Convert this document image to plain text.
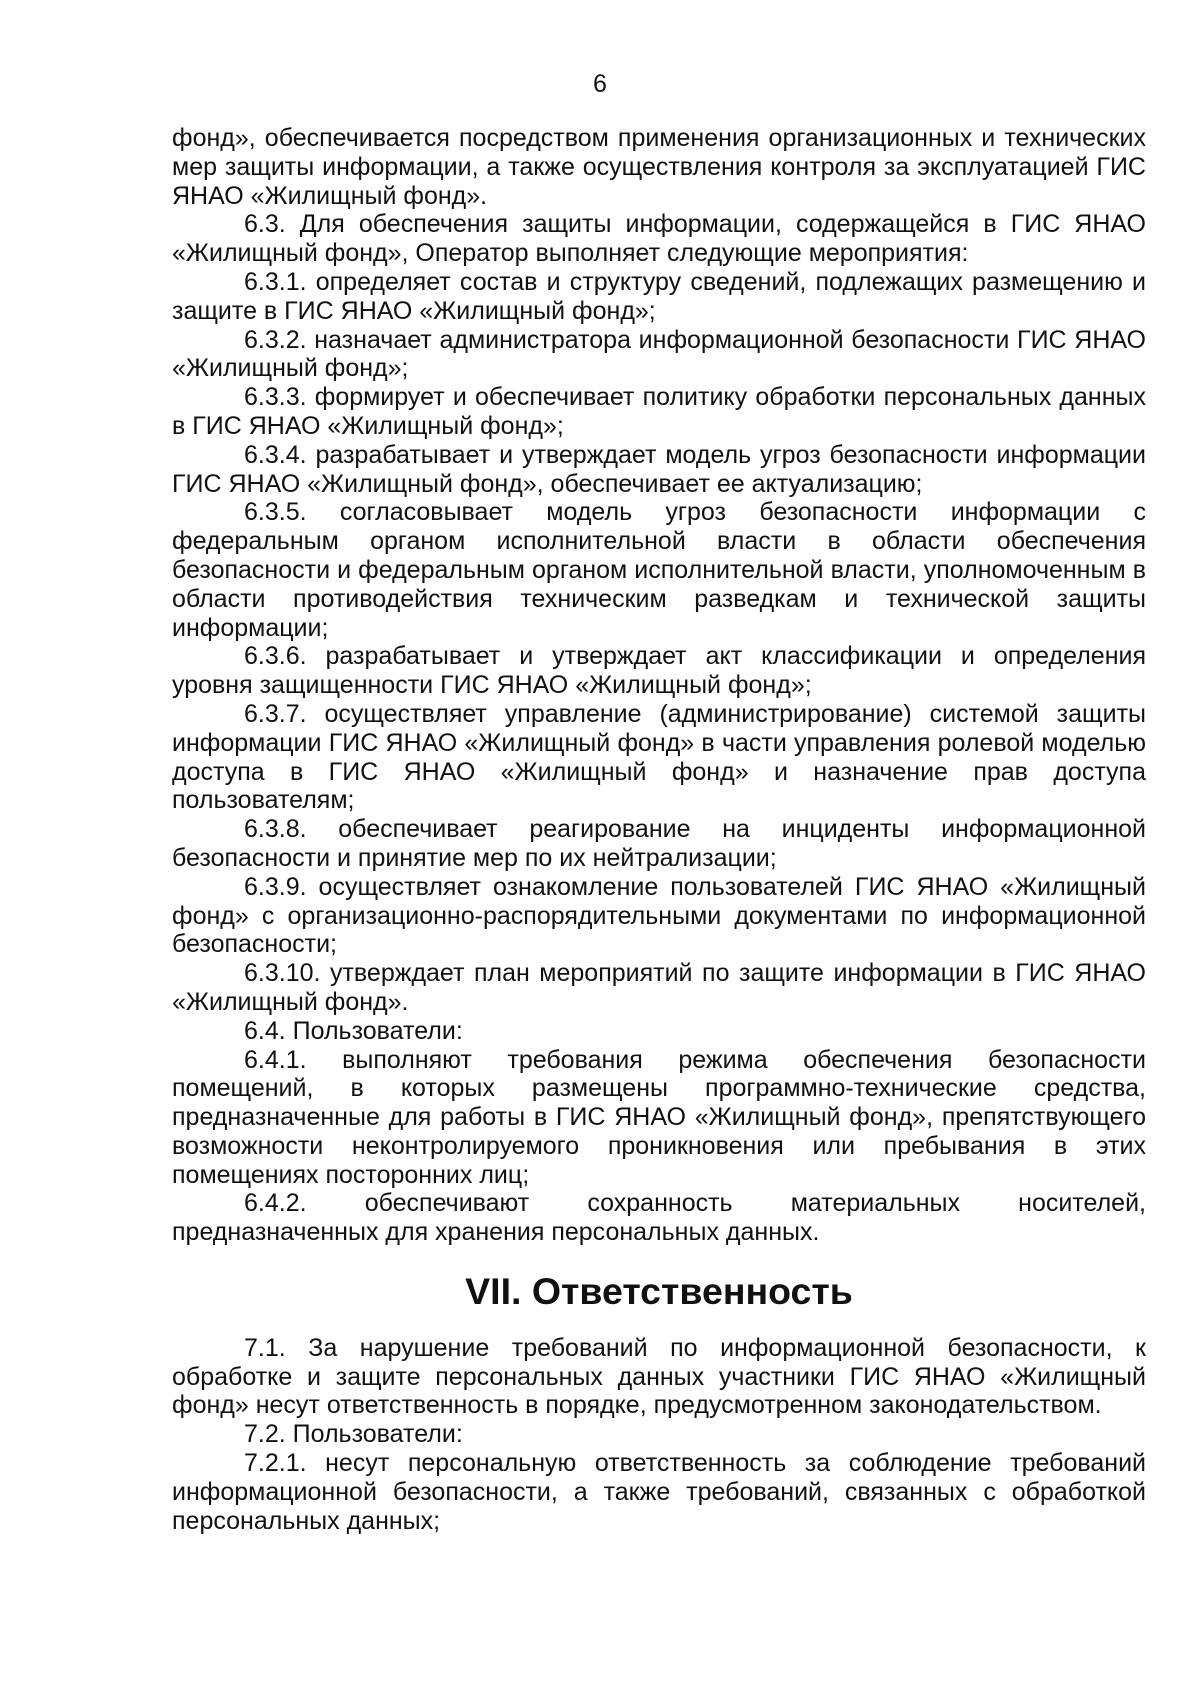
6

фонд», обеспечивается посредством применения организационных и технических мер защиты информации, а также осуществления контроля за эксплуатацией ГИС ЯНАО «Жилищный фонд».

6.3. Для обеспечения защиты информации, содержащейся в ГИС ЯНАО «Жилищный фонд», Оператор выполняет следующие мероприятия:

6.3.1. определяет состав и структуру сведений, подлежащих размещению и защите в ГИС ЯНАО «Жилищный фонд»;

6.3.2. назначает администратора информационной безопасности ГИС ЯНАО «Жилищный фонд»;

6.3.3. формирует и обеспечивает политику обработки персональных данных в ГИС ЯНАО «Жилищный фонд»;

6.3.4. разрабатывает и утверждает модель угроз безопасности информации ГИС ЯНАО «Жилищный фонд», обеспечивает ее актуализацию;

6.3.5. согласовывает модель угроз безопасности информации с федеральным органом исполнительной власти в области обеспечения безопасности и федеральным органом исполнительной власти, уполномоченным в области противодействия техническим разведкам и технической защиты информации;

6.3.6. разрабатывает и утверждает акт классификации и определения уровня защищенности ГИС ЯНАО «Жилищный фонд»;

6.3.7. осуществляет управление (администрирование) системой защиты информации ГИС ЯНАО «Жилищный фонд» в части управления ролевой моделью доступа в ГИС ЯНАО «Жилищный фонд» и назначение прав доступа пользователям;

6.3.8. обеспечивает реагирование на инциденты информационной безопасности и принятие мер по их нейтрализации;

6.3.9. осуществляет ознакомление пользователей ГИС ЯНАО «Жилищный фонд» с организационно-распорядительными документами по информационной безопасности;

6.3.10. утверждает план мероприятий по защите информации в ГИС ЯНАО «Жилищный фонд».

6.4. Пользователи:

6.4.1. выполняют требования режима обеспечения безопасности помещений, в которых размещены программно-технические средства, предназначенные для работы в ГИС ЯНАО «Жилищный фонд», препятствующего возможности неконтролируемого проникновения или пребывания в этих помещениях посторонних лиц;

6.4.2. обеспечивают сохранность материальных носителей, предназначенных для хранения персональных данных.

VII. Ответственность

7.1. За нарушение требований по информационной безопасности, к обработке и защите персональных данных участники ГИС ЯНАО «Жилищный фонд» несут ответственность в порядке, предусмотренном законодательством.

7.2. Пользователи:

7.2.1. несут персональную ответственность за соблюдение требований информационной безопасности, а также требований, связанных с обработкой персональных данных;
